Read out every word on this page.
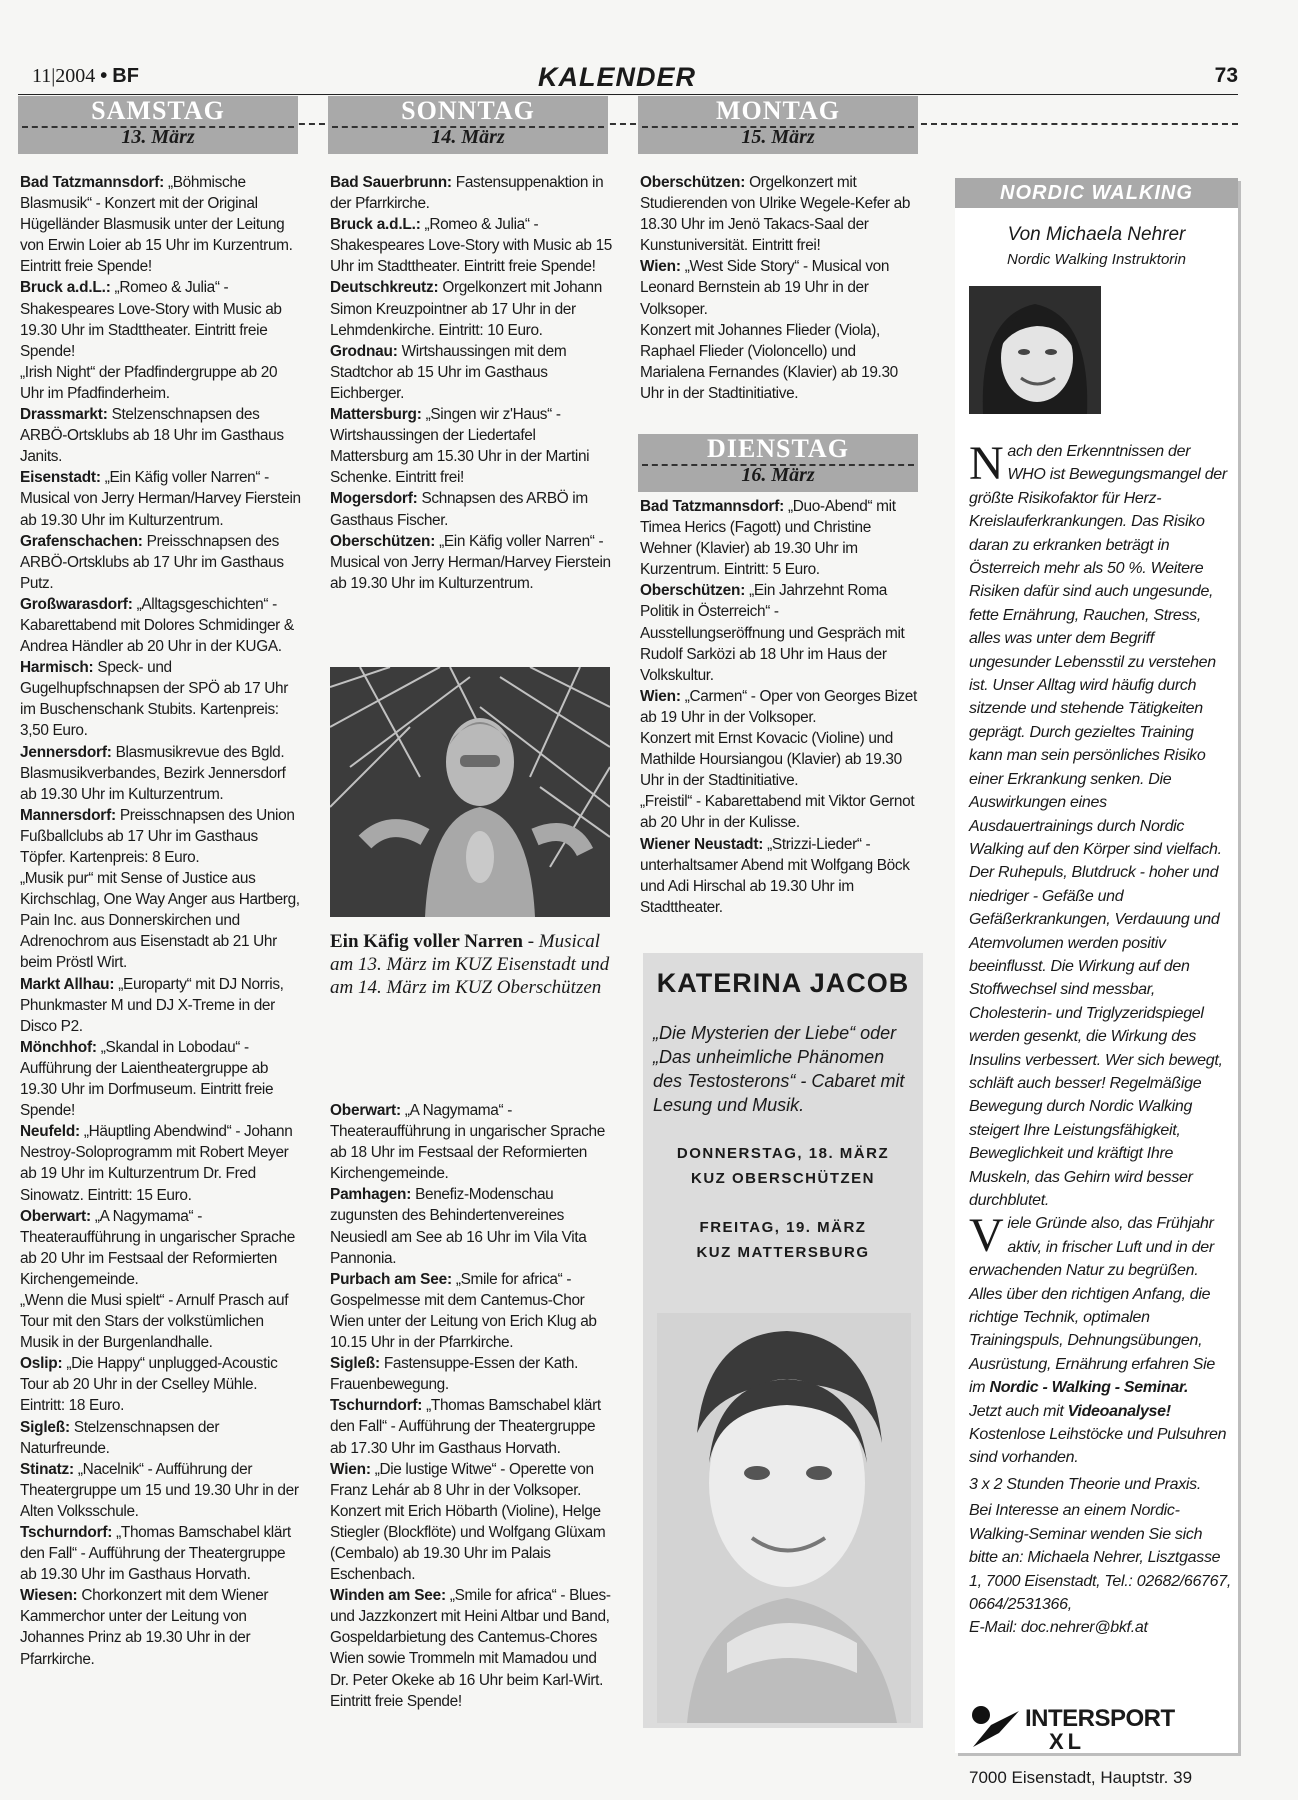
11|2004 • BF	KALENDER	73
SAMSTAG
13. März
SONNTAG
14. März
MONTAG
15. März
DIENSTAG
16. März

Bad Tatzmannsdorf: „Böhmische Blasmusik“ - Konzert mit der Original Hügelländer Blasmusik unter der Leitung von Erwin Loier ab 15 Uhr im Kurzentrum. Eintritt freie Spende!

Bruck a.d.L.: „Romeo & Julia“ - Shakespeares Love-Story with Music ab 19.30 Uhr im Stadttheater. Eintritt freie Spende!

„Irish Night“ der Pfadfindergruppe ab 20 Uhr im Pfadfinderheim.

Drassmarkt: Stelzenschnapsen des ARBÖ-Ortsklubs ab 18 Uhr im Gasthaus Janits.

Eisenstadt: „Ein Käfig voller Narren“ - Musical von Jerry Herman/Harvey Fierstein ab 19.30 Uhr im Kulturzentrum.

Grafenschachen: Preisschnapsen des ARBÖ-Ortsklubs ab 17 Uhr im Gasthaus Putz.

Großwarasdorf: „Alltagsgeschichten“ - Kabarettabend mit Dolores Schmidinger & Andrea Händler ab 20 Uhr in der KUGA.

Harmisch: Speck- und Gugelhupfschnapsen der SPÖ ab 17 Uhr im Buschenschank Stubits. Kartenpreis: 3,50 Euro.

Jennersdorf: Blasmusikrevue des Bgld. Blasmusikverbandes, Bezirk Jennersdorf ab 19.30 Uhr im Kulturzentrum.

Mannersdorf: Preisschnapsen des Union Fußballclubs ab 17 Uhr im Gasthaus Töpfer. Kartenpreis: 8 Euro.

„Musik pur“ mit Sense of Justice aus Kirchschlag, One Way Anger aus Hartberg, Pain Inc. aus Donnerskirchen und Adrenochrom aus Eisenstadt ab 21 Uhr beim Pröstl Wirt.

Markt Allhau: „Europarty“ mit DJ Norris, Phunkmaster M und DJ X-Treme in der Disco P2.

Mönchhof: „Skandal in Lobodau“ - Aufführung der Laientheatergruppe ab 19.30 Uhr im Dorfmuseum. Eintritt freie Spende!

Neufeld: „Häuptling Abendwind“ - Johann Nestroy-Soloprogramm mit Robert Meyer ab 19 Uhr im Kulturzentrum Dr. Fred Sinowatz. Eintritt: 15 Euro.

Oberwart: „A Nagymama“ - Theateraufführung in ungarischer Sprache ab 20 Uhr im Festsaal der Reformierten Kirchengemeinde.

„Wenn die Musi spielt“ - Arnulf Prasch auf Tour mit den Stars der volkstümlichen Musik in der Burgenlandhalle.

Oslip: „Die Happy“ unplugged-Acoustic Tour ab 20 Uhr in der Cselley Mühle. Eintritt: 18 Euro.

Sigleß: Stelzenschnapsen der Naturfreunde.

Stinatz: „Nacelnik“ - Aufführung der Theatergruppe um 15 und 19.30 Uhr in der Alten Volksschule.

Tschurndorf: „Thomas Bamschabel klärt den Fall“ - Aufführung der Theatergruppe ab 19.30 Uhr im Gasthaus Horvath.

Wiesen: Chorkonzert mit dem Wiener Kammerchor unter der Leitung von Johannes Prinz ab 19.30 Uhr in der Pfarrkirche.

Bad Sauerbrunn: Fastensuppenaktion in der Pfarrkirche.

Bruck a.d.L.: „Romeo & Julia“ - Shakespeares Love-Story with Music ab 15 Uhr im Stadttheater. Eintritt freie Spende!

Deutschkreutz: Orgelkonzert mit Johann Simon Kreuzpointner ab 17 Uhr in der Lehmdenkirche. Eintritt: 10 Euro.

Grodnau: Wirtshaussingen mit dem Stadtchor ab 15 Uhr im Gasthaus Eichberger.

Mattersburg: „Singen wir z'Haus“ - Wirtshaussingen der Liedertafel Mattersburg am 15.30 Uhr in der Martini Schenke. Eintritt frei!

Mogersdorf: Schnapsen des ARBÖ im Gasthaus Fischer.

Oberschützen: „Ein Käfig voller Narren“ - Musical von Jerry Herman/Harvey Fierstein ab 19.30 Uhr im Kulturzentrum.

Ein Käfig voller Narren - Musical am 13. März im KUZ Eisenstadt und am 14. März im KUZ Oberschützen

Oberwart: „A Nagymama“ - Theateraufführung in ungarischer Sprache ab 18 Uhr im Festsaal der Reformierten Kirchengemeinde.

Pamhagen: Benefiz-Modenschau zugunsten des Behindertenvereines Neusiedl am See ab 16 Uhr im Vila Vita Pannonia.

Purbach am See: „Smile for africa“ - Gospelmesse mit dem Cantemus-Chor Wien unter der Leitung von Erich Klug ab 10.15 Uhr in der Pfarrkirche.

Sigleß: Fastensuppe-Essen der Kath. Frauenbewegung.

Tschurndorf: „Thomas Bamschabel klärt den Fall“ - Aufführung der Theatergruppe ab 17.30 Uhr im Gasthaus Horvath.

Wien: „Die lustige Witwe“ - Operette von Franz Lehár ab 8 Uhr in der Volksoper.

Konzert mit Erich Höbarth (Violine), Helge Stiegler (Blockflöte) und Wolfgang Glüxam (Cembalo) ab 19.30 Uhr im Palais Eschenbach.

Winden am See: „Smile for africa“ - Blues- und Jazzkonzert mit Heini Altbar und Band, Gospeldarbietung des Cantemus-Chores Wien sowie Trommeln mit Mamadou und Dr. Peter Okeke ab 16 Uhr beim Karl-Wirt. Eintritt freie Spende!

Oberschützen: Orgelkonzert mit Studierenden von Ulrike Wegele-Kefer ab 18.30 Uhr im Jenö Takacs-Saal der Kunstuniversität. Eintritt frei!

Wien: „West Side Story“ - Musical von Leonard Bernstein ab 19 Uhr in der Volksoper.

Konzert mit Johannes Flieder (Viola), Raphael Flieder (Violoncello) und Marialena Fernandes (Klavier) ab 19.30 Uhr in der Stadtinitiative.

Bad Tatzmannsdorf: „Duo-Abend“ mit Timea Herics (Fagott) und Christine Wehner (Klavier) ab 19.30 Uhr im Kurzentrum. Eintritt: 5 Euro.

Oberschützen: „Ein Jahrzehnt Roma Politik in Österreich“ - Ausstellungseröffnung und Gespräch mit Rudolf Sarközi ab 18 Uhr im Haus der Volkskultur.

Wien: „Carmen“ - Oper von Georges Bizet ab 19 Uhr in der Volksoper.

Konzert mit Ernst Kovacic (Violine) und Mathilde Hoursiangou (Klavier) ab 19.30 Uhr in der Stadtinitiative.

„Freistil“ - Kabarettabend mit Viktor Gernot ab 20 Uhr in der Kulisse.

Wiener Neustadt: „Strizzi-Lieder“ - unterhaltsamer Abend mit Wolfgang Böck und Adi Hirschal ab 19.30 Uhr im Stadttheater.

KATERINA JACOB
„Die Mysterien der Liebe“ oder „Das unheimliche Phänomen des Testosterons“ - Cabaret mit Lesung und Musik.
DONNERSTAG, 18. MÄRZ
KUZ OBERSCHÜTZEN
FREITAG, 19. MÄRZ
KUZ MATTERSBURG
NORDIC WALKING
Von Michaela Nehrer
Nordic Walking Instruktorin

Nach den Erkenntnissen der WHO ist Bewegungsmangel der größte Risikofaktor für Herz-Kreislauferkrankungen. Das Risiko daran zu erkranken beträgt in Österreich mehr als 50 %. Weitere Risiken dafür sind auch ungesunde, fette Ernährung, Rauchen, Stress, alles was unter dem Begriff ungesunder Lebensstil zu verstehen ist. Unser Alltag wird häufig durch sitzende und stehende Tätigkeiten geprägt. Durch gezieltes Training kann man sein persönliches Risiko einer Erkrankung senken. Die Auswirkungen eines Ausdauertrainings durch Nordic Walking auf den Körper sind vielfach. Der Ruhepuls, Blutdruck - hoher und niedriger - Gefäße und Gefäßerkrankungen, Verdauung und Atemvolumen werden positiv beeinflusst. Die Wirkung auf den Stoffwechsel sind messbar, Cholesterin- und Triglyzeridspiegel werden gesenkt, die Wirkung des Insulins verbessert. Wer sich bewegt, schläft auch besser! Regelmäßige Bewegung durch Nordic Walking steigert Ihre Leistungsfähigkeit, Beweglichkeit und kräftigt Ihre Muskeln, das Gehirn wird besser durchblutet.

Viele Gründe also, das Frühjahr aktiv, in frischer Luft und in der erwachenden Natur zu begrüßen. Alles über den richtigen Anfang, die richtige Technik, optimalen Trainingspuls, Dehnungsübungen, Ausrüstung, Ernährung erfahren Sie im Nordic - Walking - Seminar.

Jetzt auch mit Videoanalyse!

Kostenlose Leihstöcke und Pulsuhren sind vorhanden.

3 x 2 Stunden Theorie und Praxis.

Bei Interesse an einem Nordic-Walking-Seminar wenden Sie sich bitte an: Michaela Nehrer, Lisztgasse 1, 7000 Eisenstadt, Tel.: 02682/66767, 0664/2531366,

E-Mail: doc.nehrer@bkf.at

INTERSPORT
XL
7000 Eisenstadt, Hauptstr. 39
